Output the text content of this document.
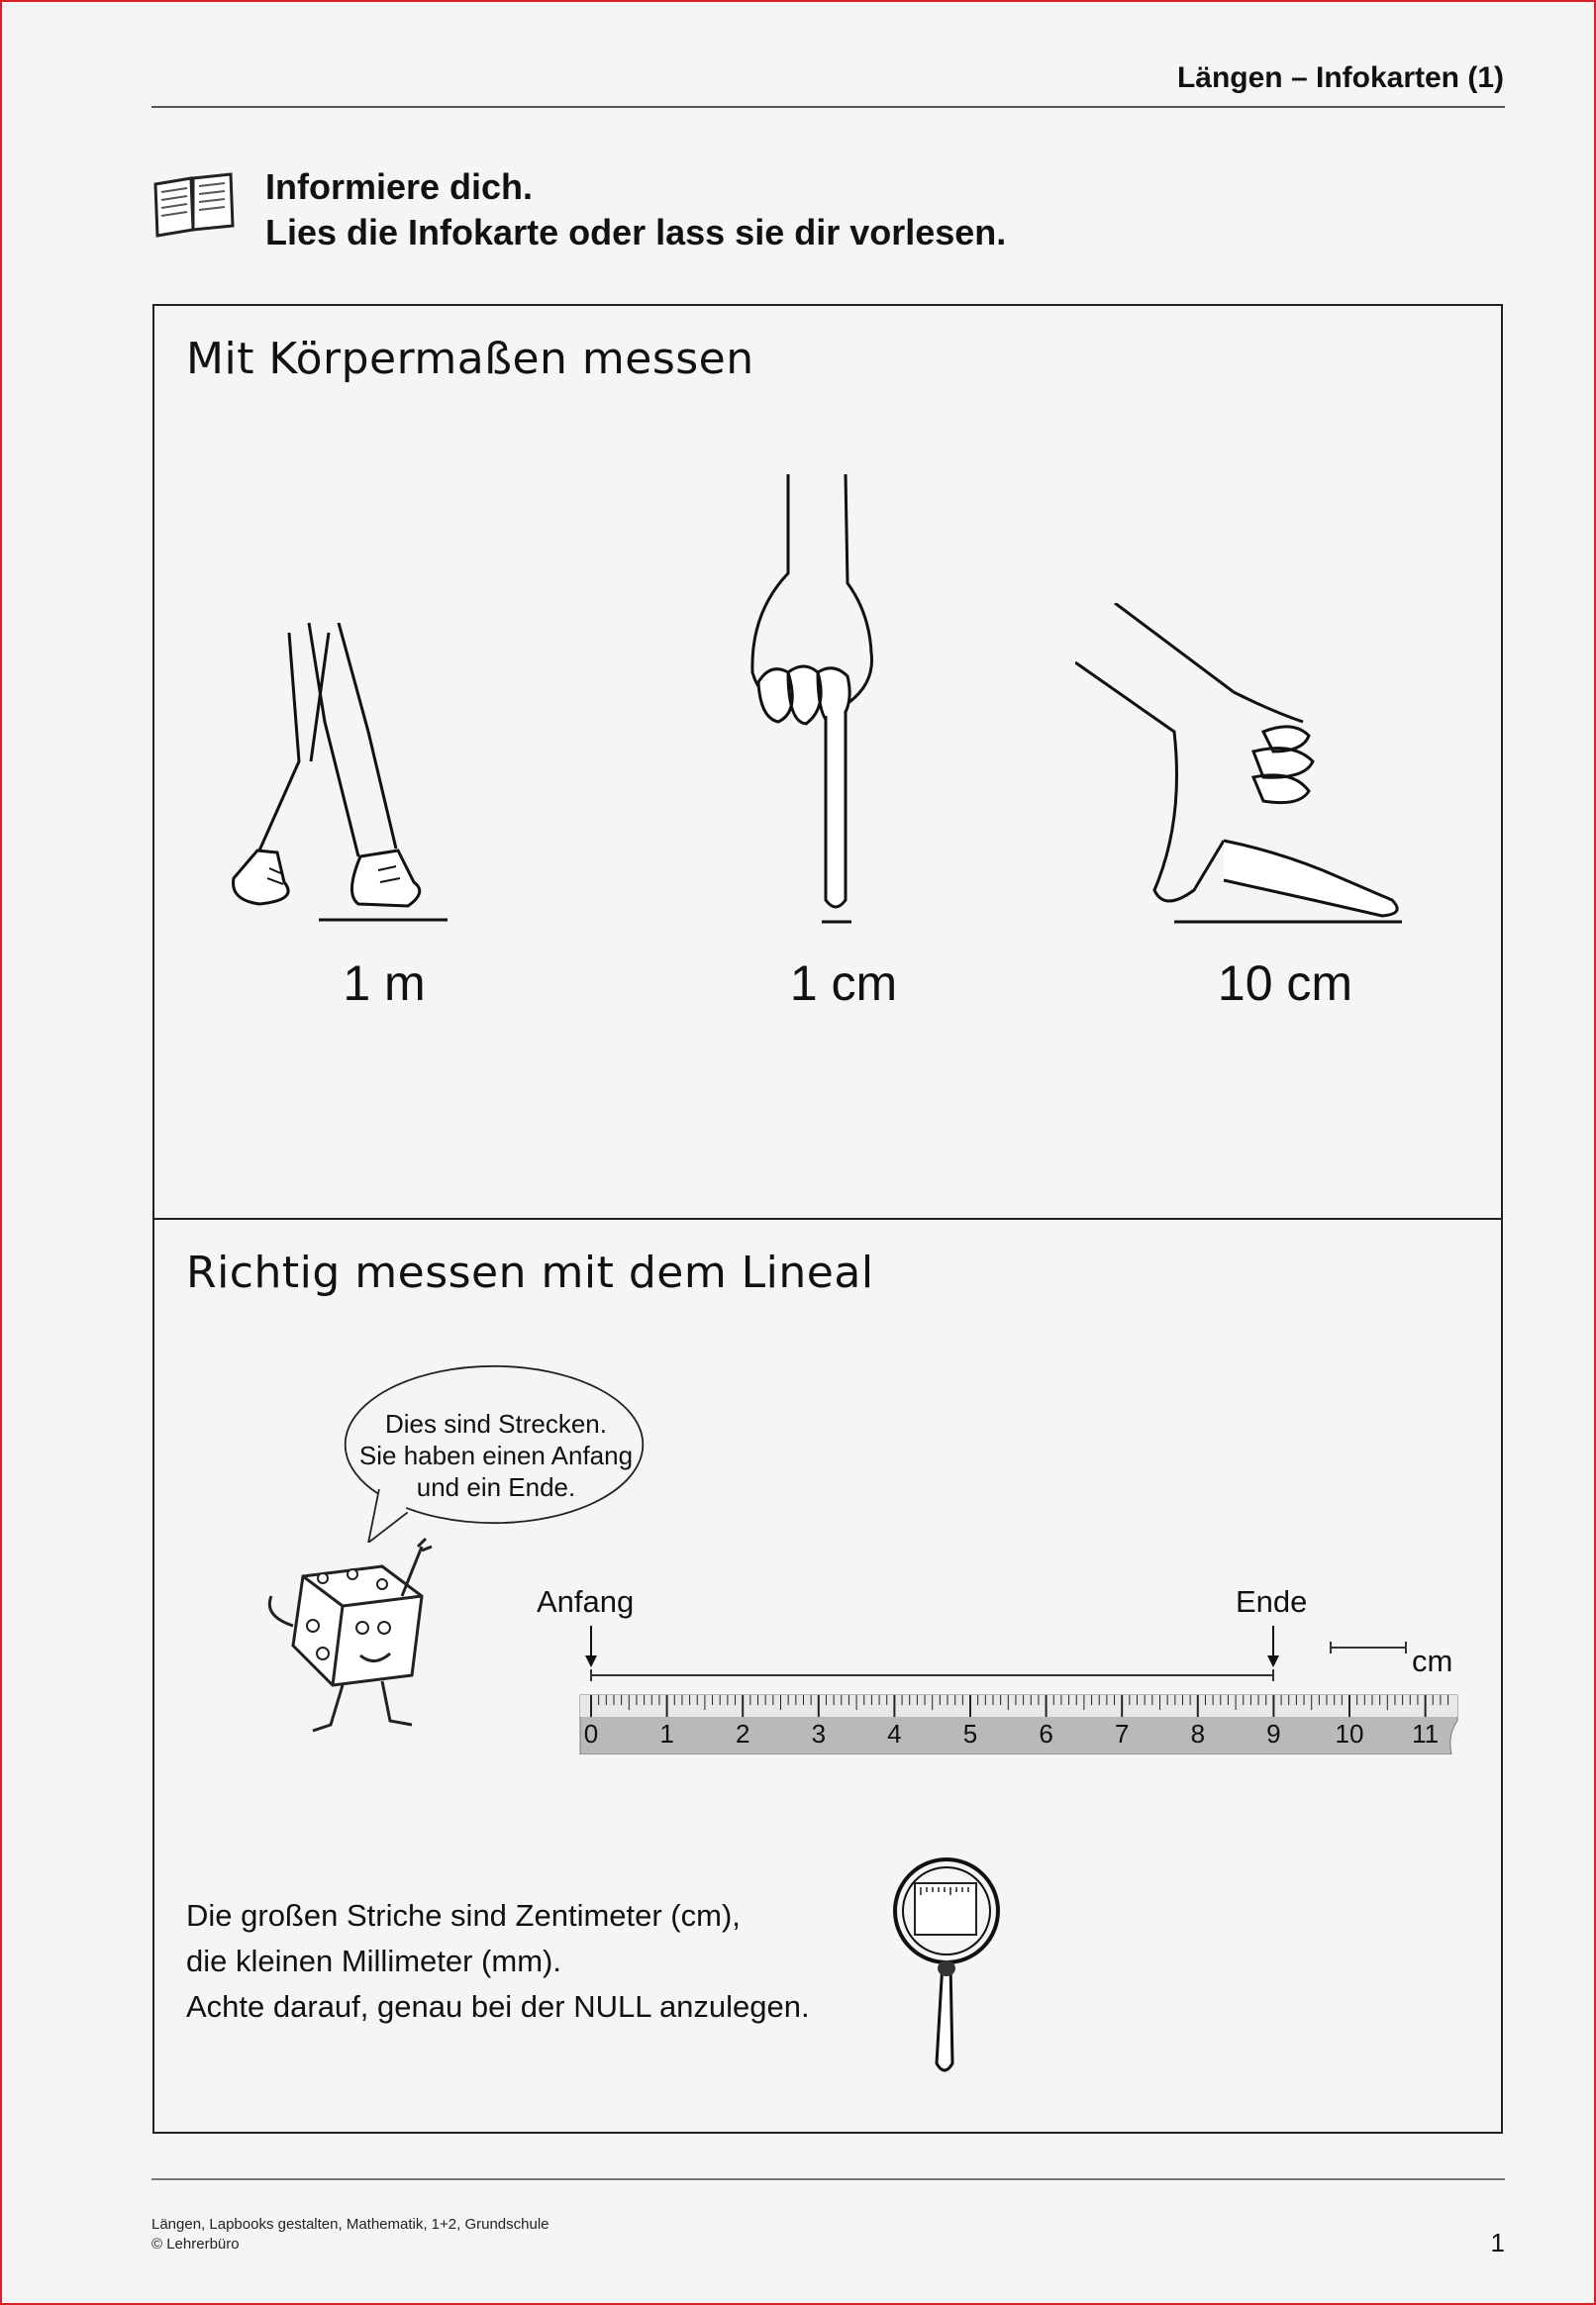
Längen – Infokarten (1)
Informiere dich.
Lies die Infokarte oder lass sie dir vorlesen.
Mit Körpermaßen messen
1 m	1 cm	10 cm
Richtig messen mit dem Lineal
Dies sind Strecken.
Sie haben einen Anfang
und ein Ende.
Anfang	Ende
cm
0 1 2 3 4 5 6 7 8 9 10 11
Die großen Striche sind Zentimeter (cm),
die kleinen Millimeter (mm).
Achte darauf, genau bei der NULL anzulegen.
Längen, Lapbooks gestalten, Mathematik, 1+2, Grundschule
© Lehrerbüro	1
